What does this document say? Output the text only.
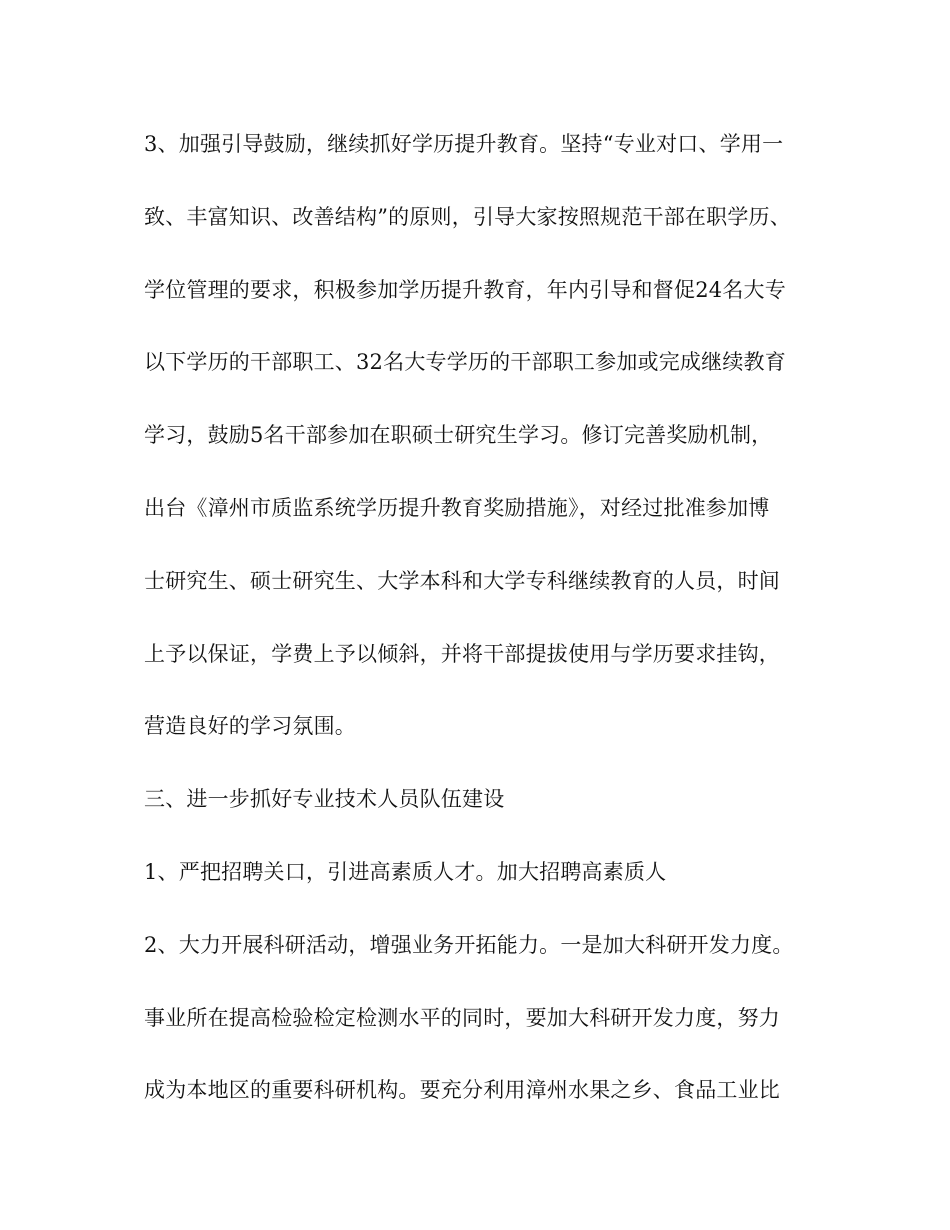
3、加强引导鼓励，继续抓好学历提升教育。坚持“专业对口、学用一
致、丰富知识、改善结构”的原则，引导大家按照规范干部在职学历、
学位管理的要求，积极参加学历提升教育，年内引导和督促24名大专
以下学历的干部职工、32名大专学历的干部职工参加或完成继续教育
学习，鼓励5名干部参加在职硕士研究生学习。修订完善奖励机制，
出台《漳州市质监系统学历提升教育奖励措施》，对经过批准参加博
士研究生、硕士研究生、大学本科和大学专科继续教育的人员，时间
上予以保证，学费上予以倾斜，并将干部提拔使用与学历要求挂钩，
营造良好的学习氛围。
三、进一步抓好专业技术人员队伍建设
1、严把招聘关口，引进高素质人才。加大招聘高素质人
2、大力开展科研活动，增强业务开拓能力。一是加大科研开发力度。
事业所在提高检验检定检测水平的同时，要加大科研开发力度，努力
成为本地区的重要科研机构。要充分利用漳州水果之乡、食品工业比
